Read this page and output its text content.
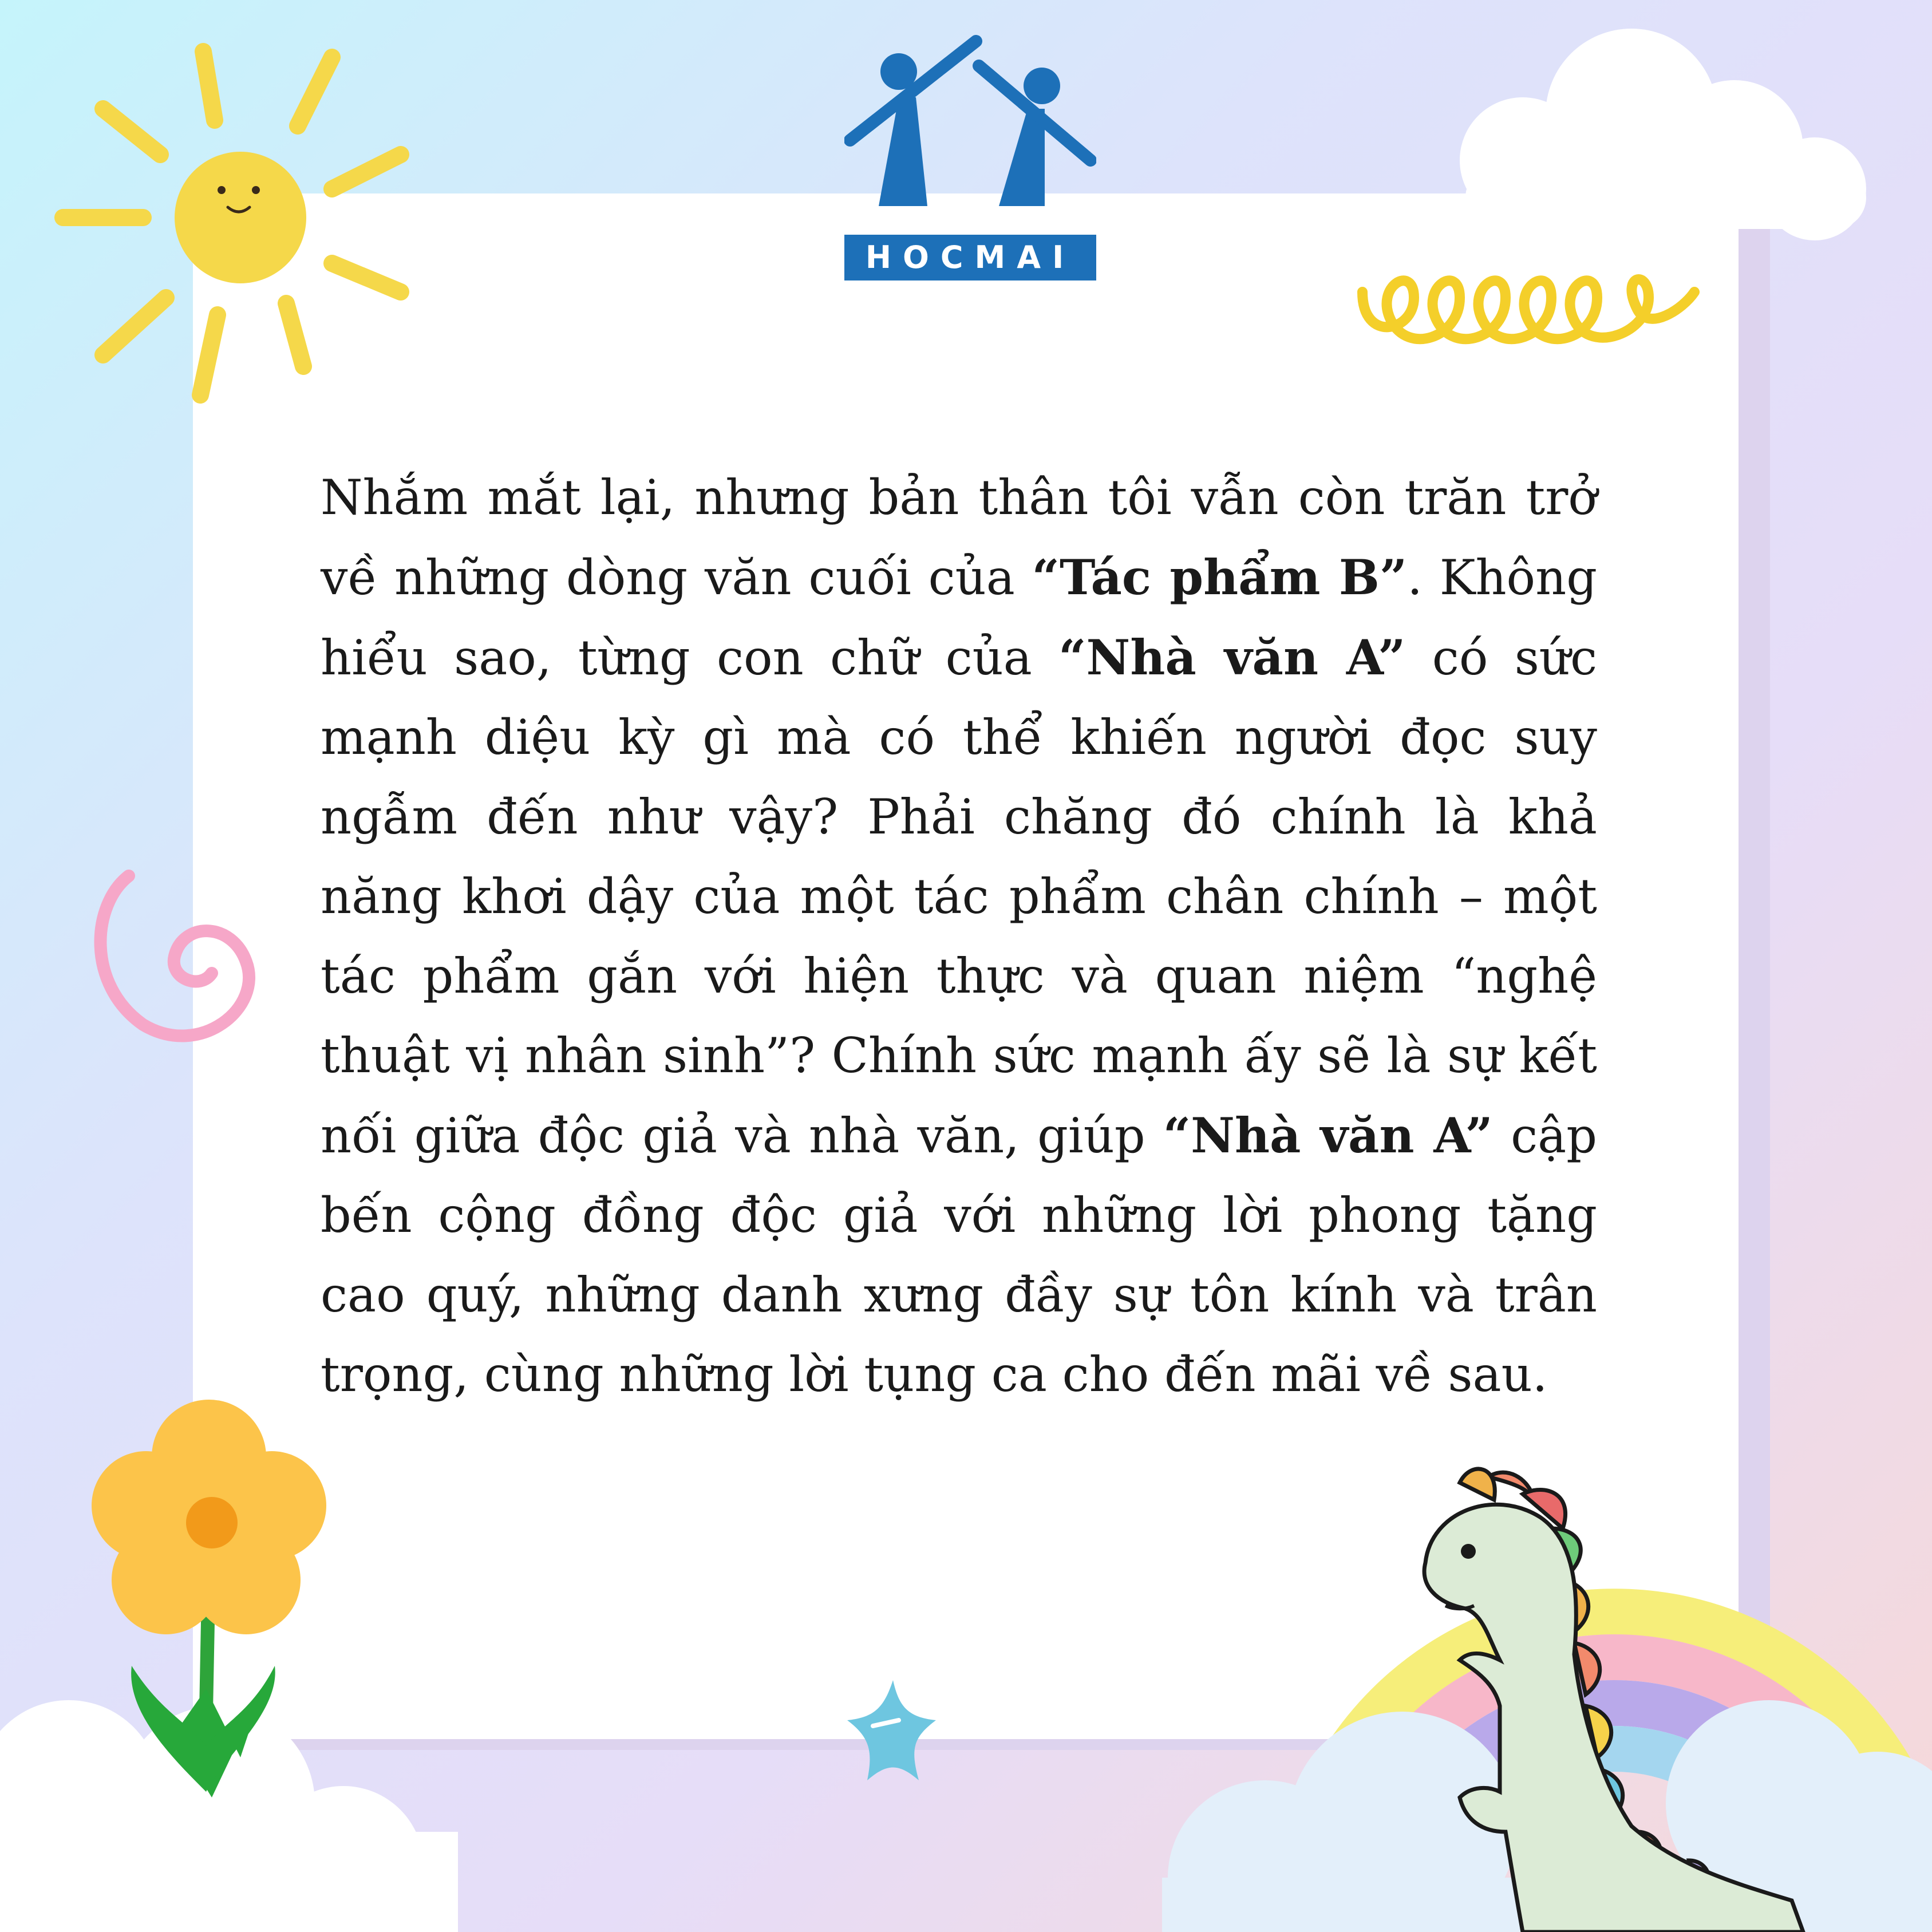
HOCMAI

Nhắm mắt lại, nhưng bản thân tôi vẫn còn trăn trở về những dòng văn cuối của “Tác phẩm B”. Không hiểu sao, từng con chữ của “Nhà văn A” có sức mạnh diệu kỳ gì mà có thể khiến người đọc suy ngẫm đến như vậy? Phải chăng đó chính là khả năng khơi dậy của một tác phẩm chân chính – một tác phẩm gắn với hiện thực và quan niệm “nghệ thuật vị nhân sinh”? Chính sức mạnh ấy sẽ là sự kết nối giữa độc giả và nhà văn, giúp “Nhà văn A” cập bến cộng đồng độc giả với những lời phong tặng cao quý, những danh xưng đầy sự tôn kính và trân trọng, cùng những lời tụng ca cho đến mãi về sau.
